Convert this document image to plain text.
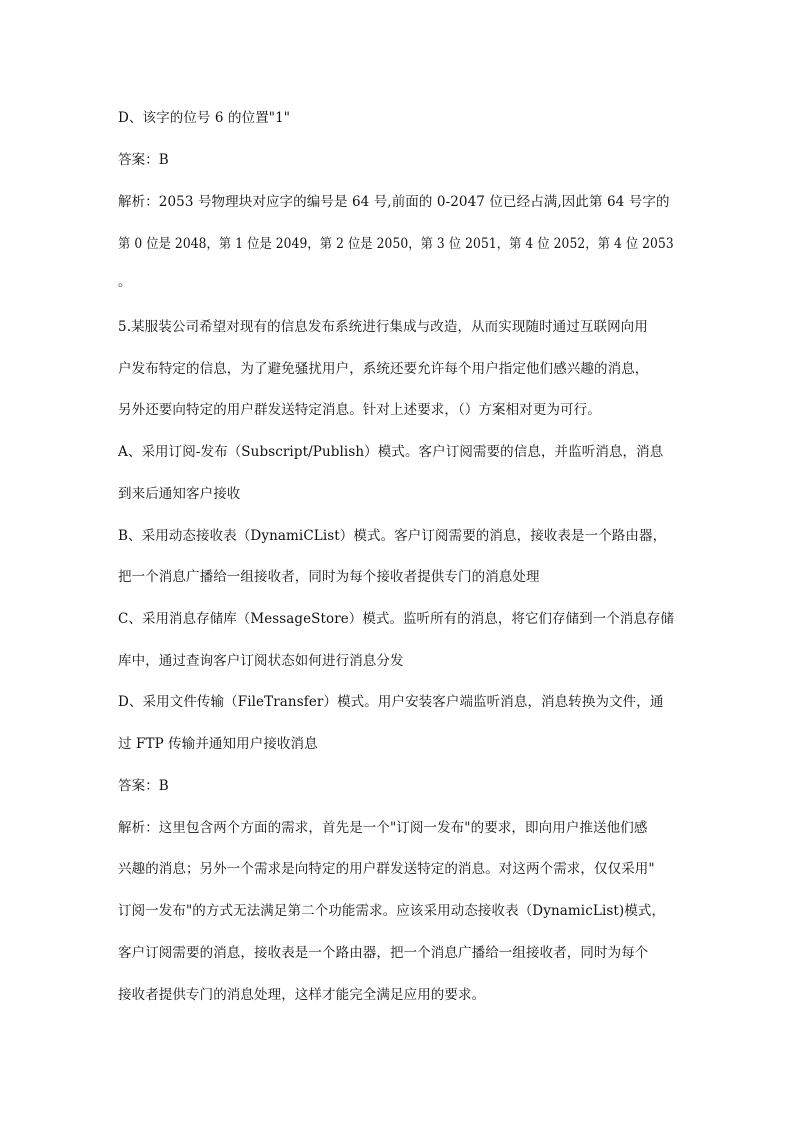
D、该字的位号 6 的位置"1"
答案：B
解析：2053 号物理块对应字的编号是 64 号,前面的 0-2047 位已经占满,因此第 64 号字的
第 0 位是 2048，第 1 位是 2049，第 2 位是 2050，第 3 位 2051，第 4 位 2052，第 4 位 2053
。
5.某服装公司希望对现有的信息发布系统进行集成与改造，从而实现随时通过互联网向用
户发布特定的信息，为了避免骚扰用户，系统还要允许每个用户指定他们感兴趣的消息，
另外还要向特定的用户群发送特定消息。针对上述要求，（）方案相对更为可行。
A、采用订阅-发布（Subscript/Publish）模式。客户订阅需要的信息，并监听消息，消息
到来后通知客户接收
B、采用动态接收表（DynamiCList）模式。客户订阅需要的消息，接收表是一个路由器，
把一个消息广播给一组接收者，同时为每个接收者提供专门的消息处理
C、采用消息存储库（MessageStore）模式。监听所有的消息，将它们存储到一个消息存储
库中，通过查询客户订阅状态如何进行消息分发
D、采用文件传输（FileTransfer）模式。用户安装客户端监听消息，消息转换为文件，通
过 FTP 传输并通知用户接收消息
答案：B
解析：这里包含两个方面的需求，首先是一个"订阅一发布"的要求，即向用户推送他们感
兴趣的消息；另外一个需求是向特定的用户群发送特定的消息。对这两个需求，仅仅采用"
订阅一发布"的方式无法满足第二个功能需求。应该采用动态接收表（DynamicList)模式，
客户订阅需要的消息，接收表是一个路由器，把一个消息广播给一组接收者，同时为每个
接收者提供专门的消息处理，这样才能完全满足应用的要求。
